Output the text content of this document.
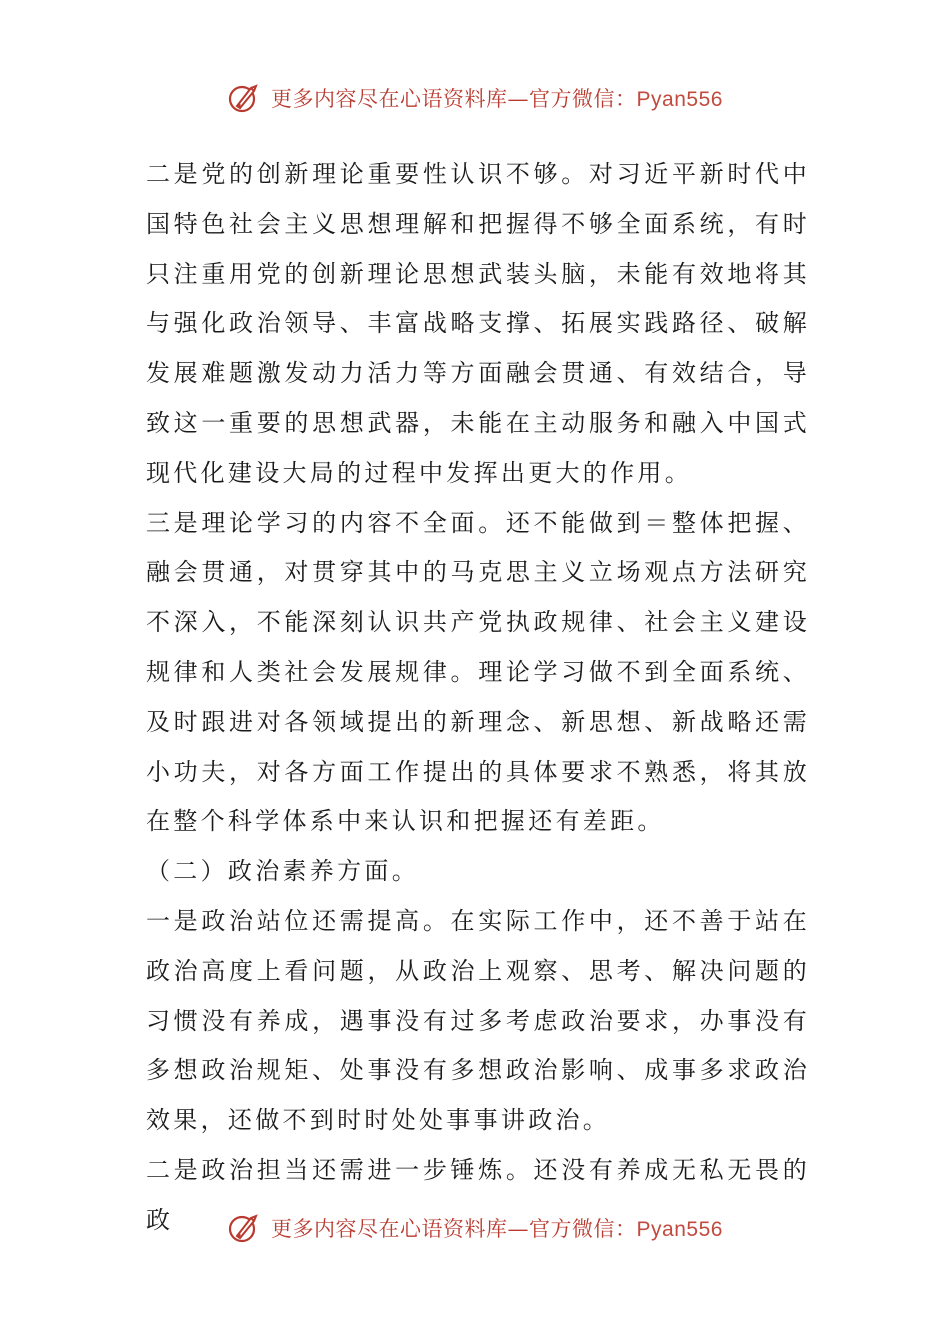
更多内容尽在心语资料库—官方微信：Pyan556

二是党的创新理论重要性认识不够。对习近平新时代中国特色社会主义思想理解和把握得不够全面系统，有时只注重用党的创新理论思想武装头脑，未能有效地将其与强化政治领导、丰富战略支撑、拓展实践路径、破解发展难题激发动力活力等方面融会贯通、有效结合，导致这一重要的思想武器，未能在主动服务和融入中国式现代化建设大局的过程中发挥出更大的作用。

三是理论学习的内容不全面。还不能做到＝整体把握、融会贯通，对贯穿其中的马克思主义立场观点方法研究不深入，不能深刻认识共产党执政规律、社会主义建设规律和人类社会发展规律。理论学习做不到全面系统、及时跟进对各领域提出的新理念、新思想、新战略还需小功夫，对各方面工作提出的具体要求不熟悉，将其放在整个科学体系中来认识和把握还有差距。

（二）政治素养方面。

一是政治站位还需提高。在实际工作中，还不善于站在政治高度上看问题，从政治上观察、思考、解决问题的习惯没有养成，遇事没有过多考虑政治要求，办事没有多想政治规矩、处事没有多想政治影响、成事多求政治效果，还做不到时时处处事事讲政治。

二是政治担当还需进一步锤炼。还没有养成无私无畏的政	更多内容尽在心语资料库—官方微信：Pyan556
